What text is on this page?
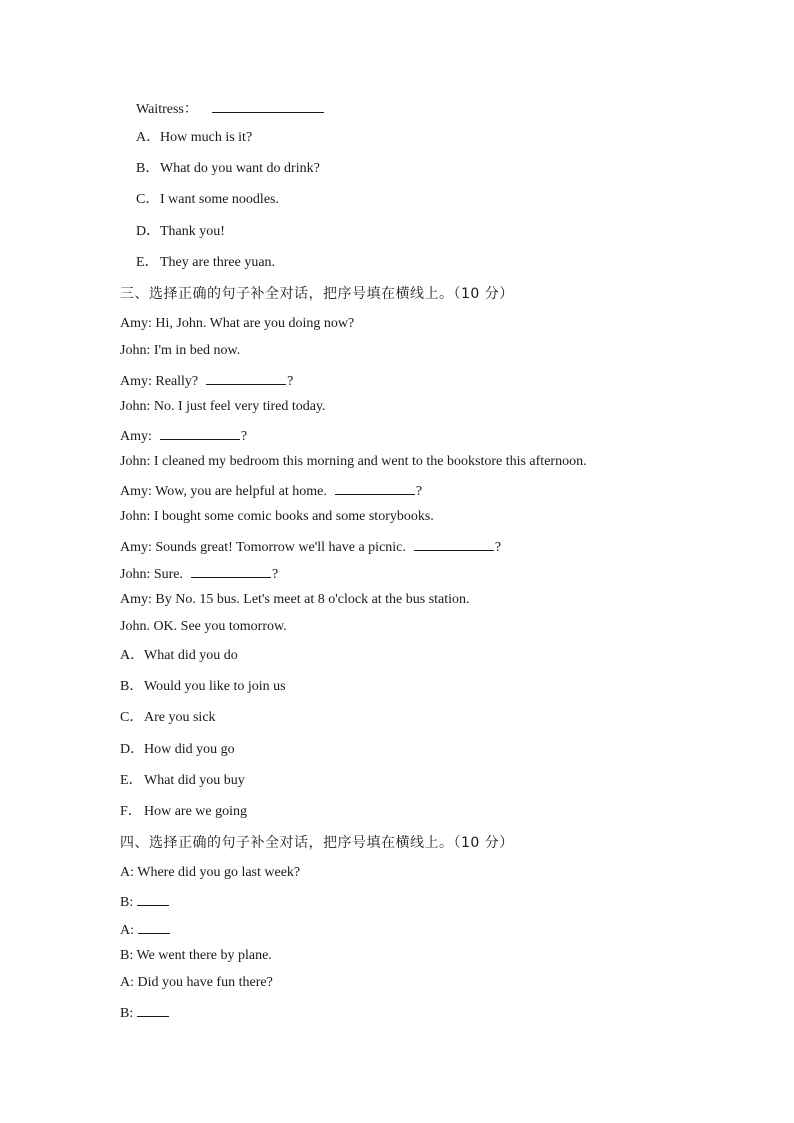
Waitress：
A．How much is it?
B．What do you want do drink?
C．I want some noodles.
D．Thank you!
E．They are three yuan.
三、选择正确的句子补全对话，把序号填在横线上。（10 分）
Amy: Hi, John. What are you doing now?
John: I'm in bed now.
Amy: Really?	?
John: No. I just feel very tired today.
Amy:	?
John: I cleaned my bedroom this morning and went to the bookstore this afternoon.
Amy: Wow, you are helpful at home.	?
John: I bought some comic books and some storybooks.
Amy: Sounds great! Tomorrow we'll have a picnic.	?
John: Sure.	?
Amy: By No. 15 bus. Let's meet at 8 o'clock at the bus station.
John. OK. See you tomorrow.
A．What did you do
B．Would you like to join us
C．Are you sick
D．How did you go
E．What did you buy
F． How are we going
四、选择正确的句子补全对话，把序号填在横线上。（10 分）
A: Where did you go last week?
B:
A:
B: We went there by plane.
A: Did you have fun there?
B:
